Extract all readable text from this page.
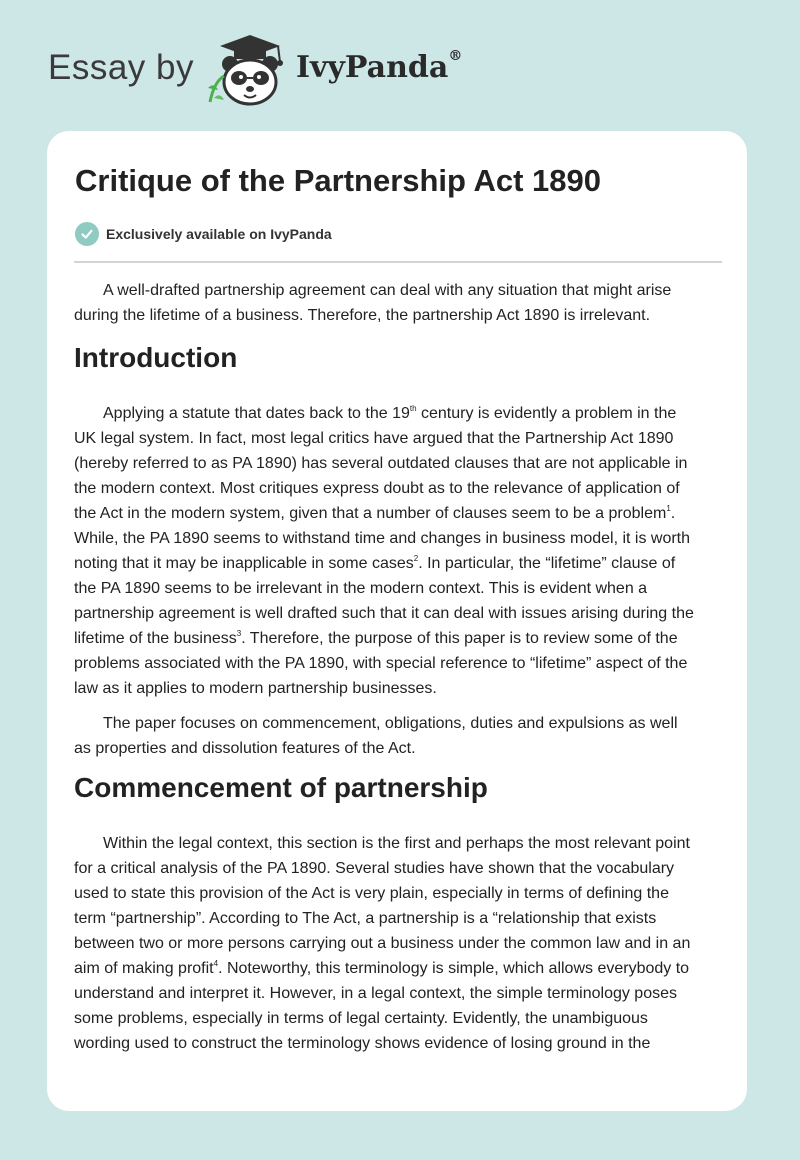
Essay by	IvyPanda®
Critique of the Partnership Act 1890
Exclusively available on IvyPanda

A well-drafted partnership agreement can deal with any situation that might arise
during the lifetime of a business. Therefore, the partnership Act 1890 is irrelevant.

Introduction

Applying a statute that dates back to the 19th century is evidently a problem in the
UK legal system. In fact, most legal critics have argued that the Partnership Act 1890
(hereby referred to as PA 1890) has several outdated clauses that are not applicable in
the modern context. Most critiques express doubt as to the relevance of application of
the Act in the modern system, given that a number of clauses seem to be a problem$^1$.
While, the PA 1890 seems to withstand time and changes in business model, it is worth
noting that it may be inapplicable in some cases$^2$. In particular, the “lifetime” clause of
the PA 1890 seems to be irrelevant in the modern context. This is evident when a
partnership agreement is well drafted such that it can deal with issues arising during the
lifetime of the business$^3$. Therefore, the purpose of this paper is to review some of the
problems associated with the PA 1890, with special reference to “lifetime” aspect of the
law as it applies to modern partnership businesses.

The paper focuses on commencement, obligations, duties and expulsions as well
as properties and dissolution features of the Act.

Commencement of partnership

Within the legal context, this section is the first and perhaps the most relevant point
for a critical analysis of the PA 1890. Several studies have shown that the vocabulary
used to state this provision of the Act is very plain, especially in terms of defining the
term “partnership”. According to The Act, a partnership is a “relationship that exists
between two or more persons carrying out a business under the common law and in an
aim of making profit$^4$. Noteworthy, this terminology is simple, which allows everybody to
understand and interpret it. However, in a legal context, the simple terminology poses
some problems, especially in terms of legal certainty. Evidently, the unambiguous
wording used to construct the terminology shows evidence of losing ground in the
